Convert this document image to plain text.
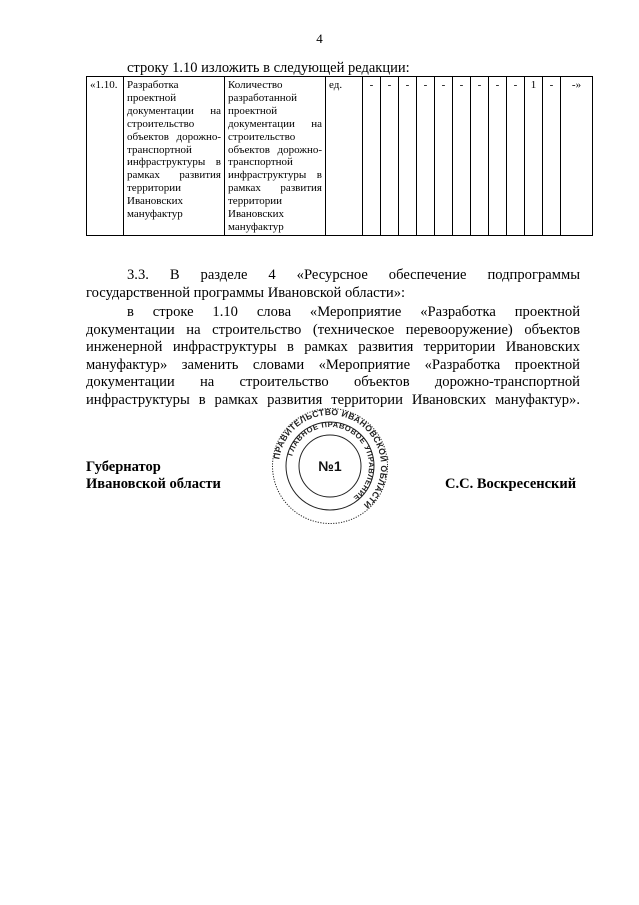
4
строку 1.10 изложить в следующей редакции:
«1.10.	Разработка проектной документации на строительство объектов дорожно-транспортной инфраструктуры в рамках развития территории Ивановских мануфактур	Количество разработанной проектной документации на строительство объектов дорожно-транспортной инфраструктуры в рамках развития территории Ивановских мануфактур	ед.	-	-	-	-	-	-	-	-	-	1	-	-»
3.3. В разделе 4 «Ресурсное обеспечение подпрограммы государственной программы Ивановской области»:
в строке 1.10 слова «Мероприятие «Разработка проектной документации на строительство (техническое перевооружение) объектов инженерной инфраструктуры в рамках развития территории Ивановских мануфактур» заменить словами «Мероприятие «Разработка проектной документации на строительство объектов дорожно-транспортной инфраструктуры в рамках развития территории Ивановских мануфактур».
Губернатор
Ивановской области	С.С. Воскресенский
ПРАВИТЕЛЬСТВО ИВАНОВСКОЙ ОБЛАСТИ
ГЛАВНОЕ ПРАВОВОЕ УПРАВЛЕНИЕ
№1
